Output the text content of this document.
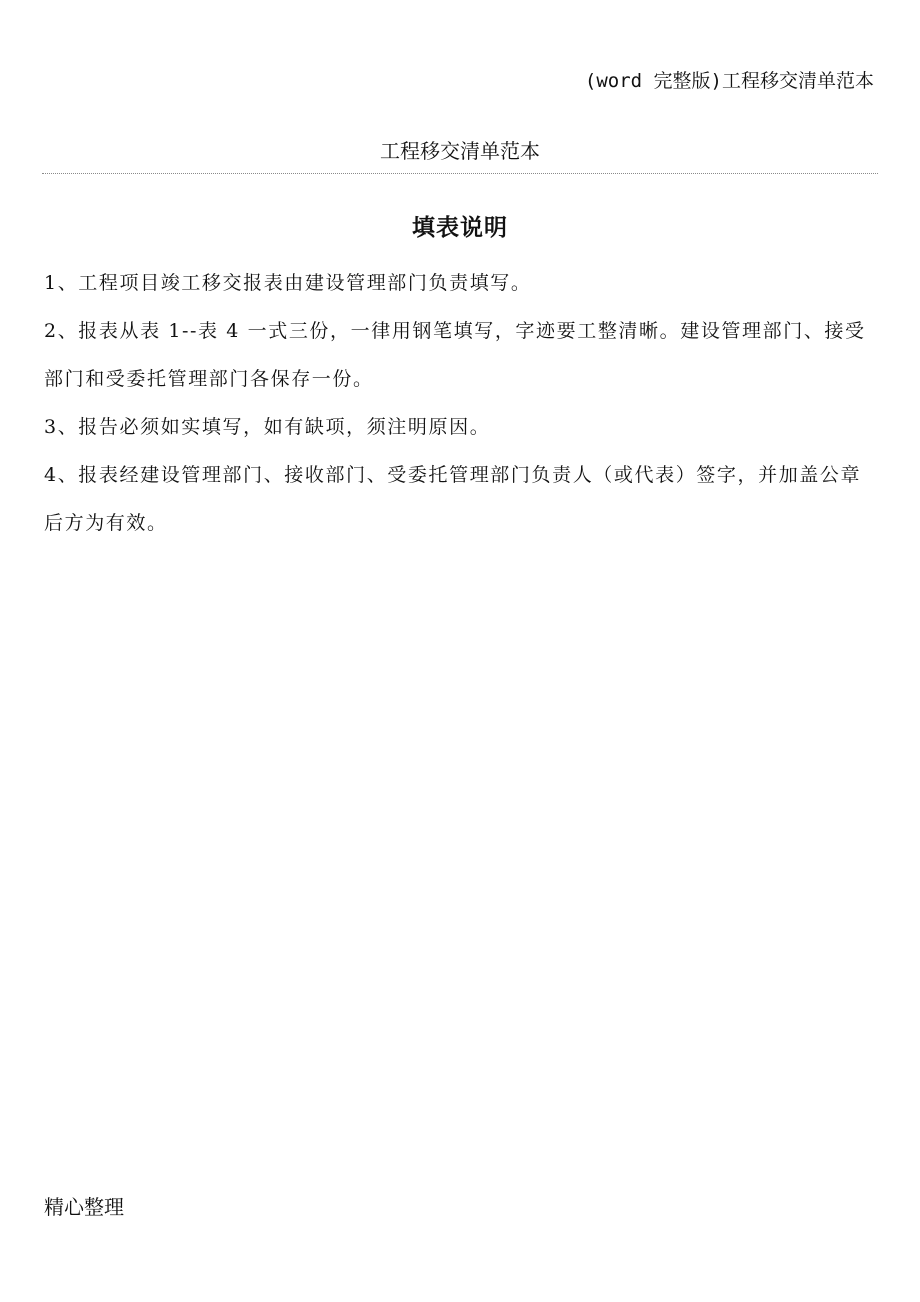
(word 完整版)工程移交清单范本
工程移交清单范本
填表说明
1、工程项目竣工移交报表由建设管理部门负责填写。
2、报表从表 1--表 4 一式三份，一律用钢笔填写，字迹要工整清晰。建设管理部门、接受部门和受委托管理部门各保存一份。
3、报告必须如实填写，如有缺项，须注明原因。
4、报表经建设管理部门、接收部门、受委托管理部门负责人（或代表）签字，并加盖公章后方为有效。
精心整理
